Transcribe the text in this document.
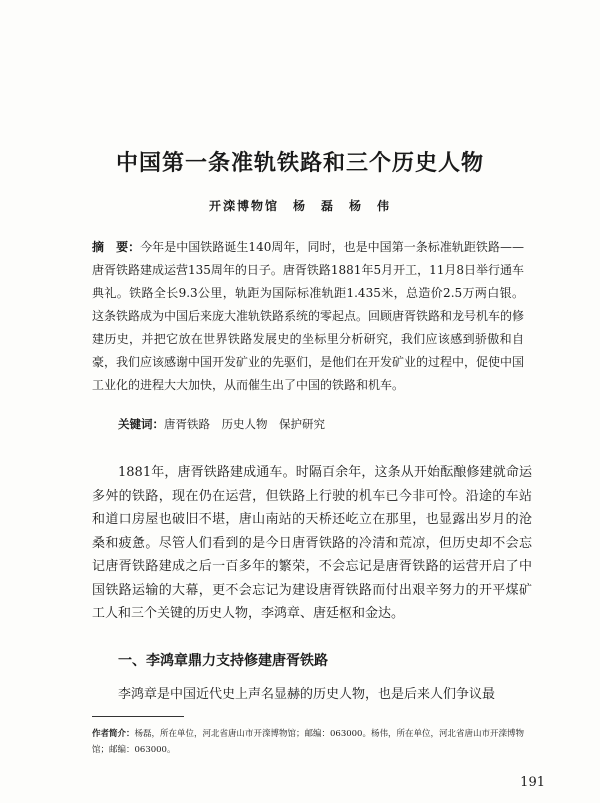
中国第一条准轨铁路和三个历史人物
开滦博物馆　杨　磊　杨　伟
摘　要：今年是中国铁路诞生140周年，同时，也是中国第一条标准轨距铁路——唐胥铁路建成运营135周年的日子。唐胥铁路1881年5月开工，11月8日举行通车典礼。铁路全长9.3公里，轨距为国际标准轨距1.435米，总造价2.5万两白银。这条铁路成为中国后来庞大准轨铁路系统的零起点。回顾唐胥铁路和龙号机车的修建历史，并把它放在世界铁路发展史的坐标里分析研究，我们应该感到骄傲和自豪，我们应该感谢中国开发矿业的先驱们，是他们在开发矿业的过程中，促使中国工业化的进程大大加快，从而催生出了中国的铁路和机车。
关键词：唐胥铁路　历史人物　保护研究
1881年，唐胥铁路建成通车。时隔百余年，这条从开始酝酿修建就命运多舛的铁路，现在仍在运营，但铁路上行驶的机车已今非可怜。沿途的车站和道口房屋也破旧不堪，唐山南站的天桥还屹立在那里，也显露出岁月的沧桑和疲惫。尽管人们看到的是今日唐胥铁路的冷清和荒凉，但历史却不会忘记唐胥铁路建成之后一百多年的繁荣，不会忘记是唐胥铁路的运营开启了中国铁路运输的大幕，更不会忘记为建设唐胥铁路而付出艰辛努力的开平煤矿工人和三个关键的历史人物，李鸿章、唐廷枢和金达。
一、李鸿章鼎力支持修建唐胥铁路
李鸿章是中国近代史上声名显赫的历史人物，也是后来人们争议最
作者简介：杨磊，所在单位，河北省唐山市开滦博物馆；邮编：063000。杨伟，所在单位，河北省唐山市开滦博物馆；邮编：063000。
191
